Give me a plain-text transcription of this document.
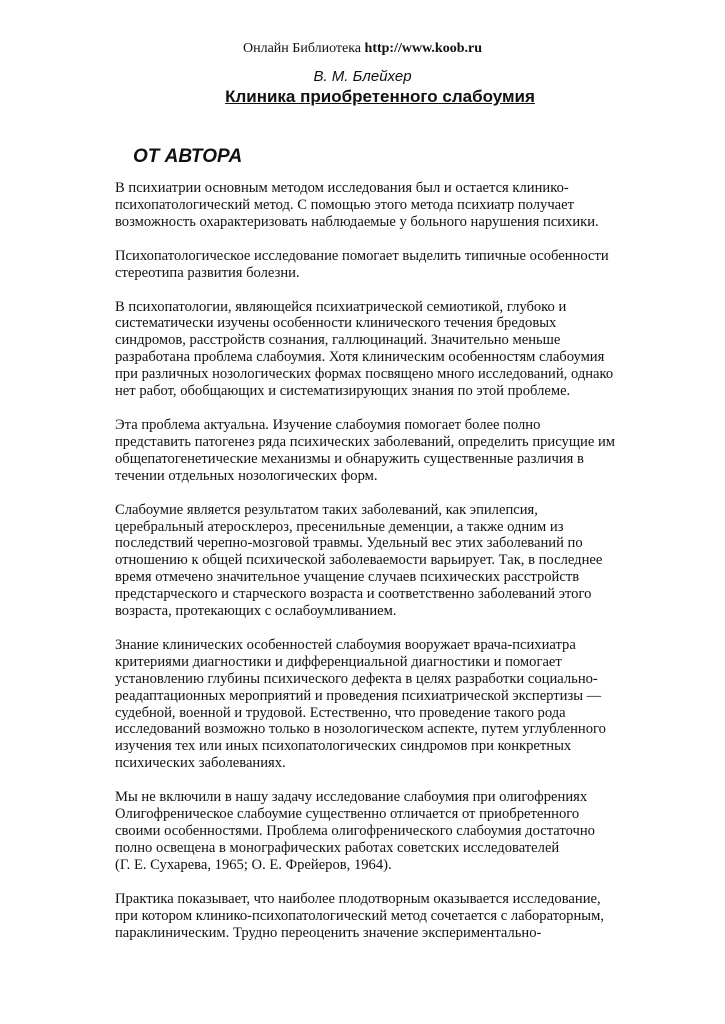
Онлайн Библиотека http://www.koob.ru
В. М. Блейхер
Клиника приобретенного слабоумия
ОТ АВТОРА

В психиатрии основным методом исследования был и остается клинико-
психопатологический метод. С помощью этого метода психиатр получает
возможность охарактеризовать наблюдаемые у больного нарушения психики.

Психопатологическое исследование помогает выделить типичные особенности
стереотипа развития болезни.

В психопатологии, являющейся психиатрической семиотикой, глубоко и
систематически изучены особенности клинического течения бредовых
синдромов, расстройств сознания, галлюцинаций. Значительно меньше
разработана проблема слабоумия. Хотя клиническим особенностям слабоумия
при различных нозологических формах посвящено много исследований, однако
нет работ, обобщающих и систематизирующих знания по этой проблеме.

Эта проблема актуальна. Изучение слабоумия помогает более полно
представить патогенез ряда психических заболеваний, определить присущие им
общепатогенетические механизмы и обнаружить существенные различия в
течении отдельных нозологических форм.

Слабоумие является результатом таких заболеваний, как эпилепсия,
церебральный атеросклероз, пресенильные деменции, а также одним из
последствий черепно-мозговой травмы. Удельный вес этих заболеваний по
отношению к общей психической заболеваемости варьирует. Так, в последнее
время отмечено значительное учащение случаев психических расстройств
предстарческого и старческого возраста и соответственно заболеваний этого
возраста, протекающих с ослабоумливанием.

Знание клинических особенностей слабоумия вооружает врача-психиатра
критериями диагностики и дифференциальной диагностики и помогает
установлению глубины психического дефекта в целях разработки социально-
реадаптационных мероприятий и проведения психиатрической экспертизы —
судебной, военной и трудовой. Естественно, что проведение такого рода
исследований возможно только в нозологическом аспекте, путем углубленного
изучения тех или иных психопатологических синдромов при конкретных
психических заболеваниях.

Мы не включили в нашу задачу исследование слабоумия при олигофрениях
Олигофреническое слабоумие существенно отличается от приобретенного
своими особенностями. Проблема олигофренического слабоумия достаточно
полно освещена в монографических работах советских исследователей
(Г. Е. Сухарева, 1965; О. Е. Фрейеров, 1964).

Практика показывает, что наиболее плодотворным оказывается исследование,
при котором клинико-психопатологический метод сочетается с лабораторным,
параклиническим. Трудно переоценить значение экспериментально-
